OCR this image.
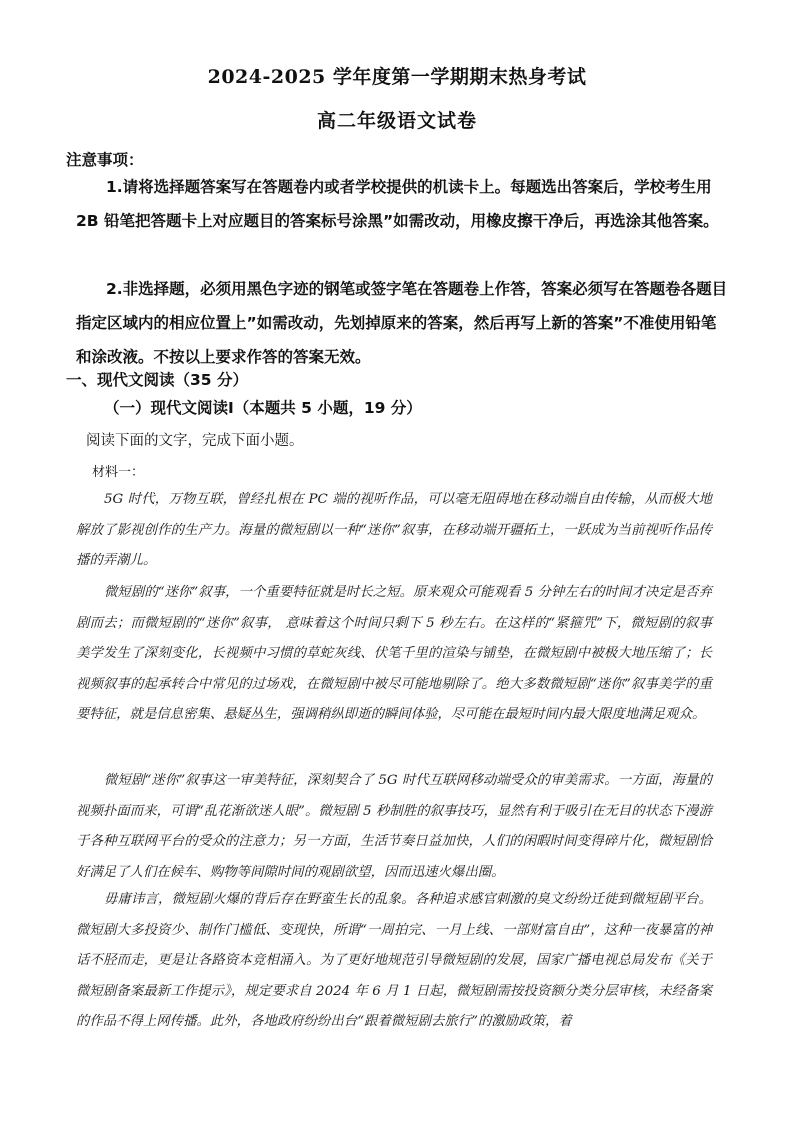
2024-2025 学年度第一学期期末热身考试
高二年级语文试卷
注意事项：
1.请将选择题答案写在答题卷内或者学校提供的机读卡上。每题选出答案后，学校考生用 2B 铅笔把答题卡上对应题目的答案标号涂黑”如需改动，用橡皮擦干净后，再选涂其他答案。
2.非选择题，必须用黑色字迹的钢笔或签字笔在答题卷上作答，答案必须写在答题卷各题目指定区域内的相应位置上”如需改动，先划掉原来的答案，然后再写上新的答案”不准使用铅笔和涂改液。不按以上要求作答的答案无效。
一、现代文阅读（35 分）
（一）现代文阅读Ⅰ（本题共 5 小题，19 分）
阅读下面的文字，完成下面小题。
材料一：
5G 时代，万物互联，曾经扎根在 PC 端的视听作品，可以毫无阻碍地在移动端自由传输，从而极大地解放了影视创作的生产力。海量的微短剧以一种“迷你”叙事，在移动端开疆拓土，一跃成为当前视听作品传播的弄潮儿。
微短剧的“迷你”叙事，一个重要特征就是时长之短。原来观众可能观看 5 分钟左右的时间才决定是否弃剧而去；而微短剧的“迷你”叙事， 意味着这个时间只剩下 5 秒左右。在这样的“紧箍咒”下，微短剧的叙事美学发生了深刻变化，长视频中习惯的草蛇灰线、伏笔千里的渲染与铺垫，在微短剧中被极大地压缩了；长视频叙事的起承转合中常见的过场戏，在微短剧中被尽可能地剔除了。绝大多数微短剧“迷你”叙事美学的重要特征，就是信息密集、悬疑丛生，强调稍纵即逝的瞬间体验，尽可能在最短时间内最大限度地满足观众。
微短剧“迷你”叙事这一审美特征，深刻契合了 5G 时代互联网移动端受众的审美需求。一方面，海量的视频扑面而来，可谓“乱花渐欲迷人眼”。微短剧 5 秒制胜的叙事技巧，显然有利于吸引在无目的状态下漫游于各种互联网平台的受众的注意力；另一方面，生活节奏日益加快，人们的闲暇时间变得碎片化，微短剧恰好满足了人们在候车、购物等间隙时间的观剧欲望，因而迅速火爆出圈。
毋庸讳言，微短剧火爆的背后存在野蛮生长的乱象。各种追求感官刺激的臭文纷纷迁徙到微短剧平台。微短剧大多投资少、制作门槛低、变现快，所谓“一周拍完、一月上线、一部财富自由”，这种一夜暴富的神话不胫而走，更是让各路资本竞相涌入。为了更好地规范引导微短剧的发展，国家广播电视总局发布《关于微短剧备案最新工作提示》，规定要求自 2024 年 6 月 1 日起，微短剧需按投资额分类分层审核，未经备案的作品不得上网传播。此外，各地政府纷纷出台“跟着微短剧去旅行”的激励政策，着
